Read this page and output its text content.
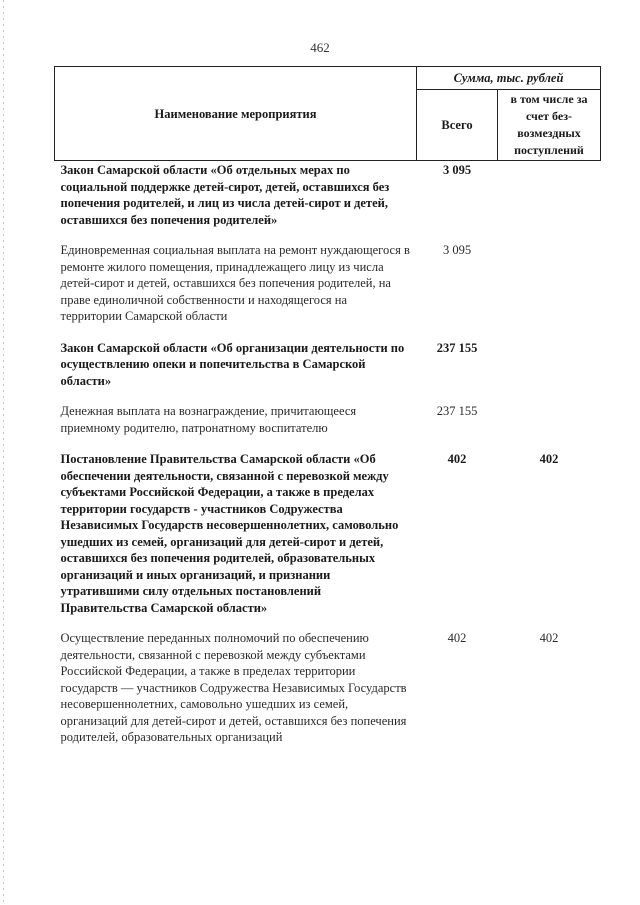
462
Наименование мероприятия	Сумма, тыс. рублей	
	Всего	в том числе за счет без-возмездных поступлений
Закон Самарской области «Об отдельных мерах по социальной поддержке детей-сирот, детей, оставшихся без попечения родителей, и лиц из числа детей-сирот и детей, оставшихся без попечения родителей»	3 095	
Единовременная социальная выплата на ремонт нуждающегося в ремонте жилого помещения, принадлежащего лицу из числа детей-сирот и детей, оставшихся без попечения родителей, на праве единоличной собственности и находящегося на территории Самарской области	3 095	
Закон Самарской области «Об организации деятельности по осуществлению опеки и попечительства в Самарской области»	237 155	
Денежная выплата на вознаграждение, причитающееся приемному родителю, патронатному воспитателю	237 155	
Постановление Правительства Самарской области «Об обеспечении деятельности, связанной с перевозкой между субъектами Российской Федерации, а также в пределах территории государств - участников Содружества Независимых Государств несовершеннолетних, самовольно ушедших из семей, организаций для детей-сирот и детей, оставшихся без попечения родителей, образовательных организаций и иных организаций, и признании утратившими силу отдельных постановлений Правительства Самарской области»	402	402
Осуществление переданных полномочий по обеспечению деятельности, связанной с перевозкой между субъектами Российской Федерации, а также в пределах территории государств — участников Содружества Независимых Государств несовершеннолетних, самовольно ушедших из семей, организаций для детей-сирот и детей, оставшихся без попечения родителей, образовательных организаций	402	402
